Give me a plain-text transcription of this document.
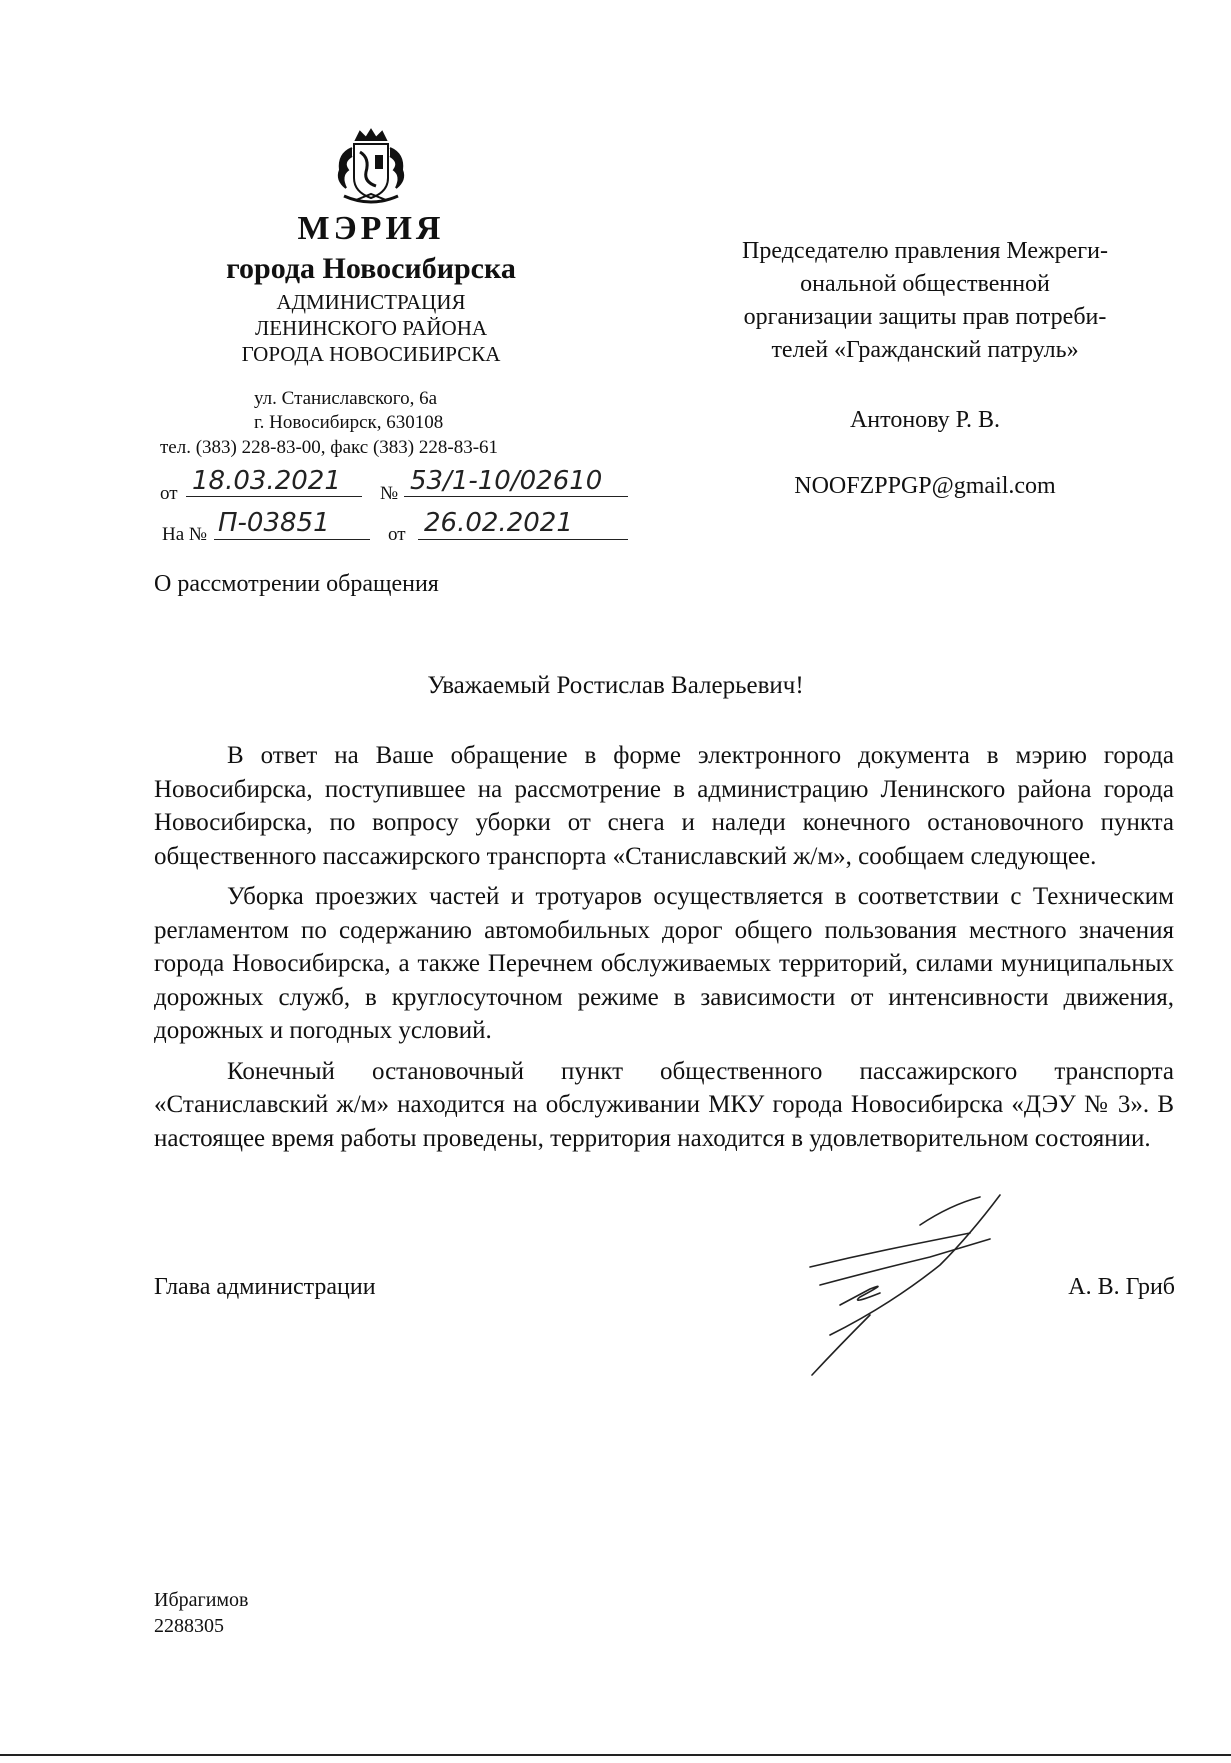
МЭРИЯ
города Новосибирска
АДМИНИСТРАЦИЯ
ЛЕНИНСКОГО РАЙОНА
ГОРОДА НОВОСИБИРСКА
ул. Станиславского, 6а
г. Новосибирск, 630108
тел. (383) 228-83-00, факс (383) 228-83-61
от 18.03.2021 № 53/1-10/02610
На № П-03851	от 26.02.2021
Председателю правления Межреги-
ональной общественной
организации защиты прав потреби-
телей «Гражданский патруль»
Антонову Р. В.
NOOFZPPGP@gmail.com
О рассмотрении обращения
Уважаемый Ростислав Валерьевич!

В ответ на Ваше обращение в форме электронного документа в мэрию города Новосибирска, поступившее на рассмотрение в администрацию Ленинского района города Новосибирска, по вопросу уборки от снега и наледи конечного остановочного пункта общественного пассажирского транспорта «Станиславский ж/м», сообщаем следующее.

Уборка проезжих частей и тротуаров осуществляется в соответствии с Техническим регламентом по содержанию автомобильных дорог общего пользования местного значения города Новосибирска, а также Перечнем обслуживаемых территорий, силами муниципальных дорожных служб, в круглосуточном режиме в зависимости от интенсивности движения, дорожных и погодных условий.

Конечный остановочный пункт общественного пассажирского транспорта «Станиславский ж/м» находится на обслуживании МКУ города Новосибирска «ДЭУ № 3». В настоящее время работы проведены, территория находится в удовлетворительном состоянии.

Глава администрации	А. В. Гриб
Ибрагимов
2288305
